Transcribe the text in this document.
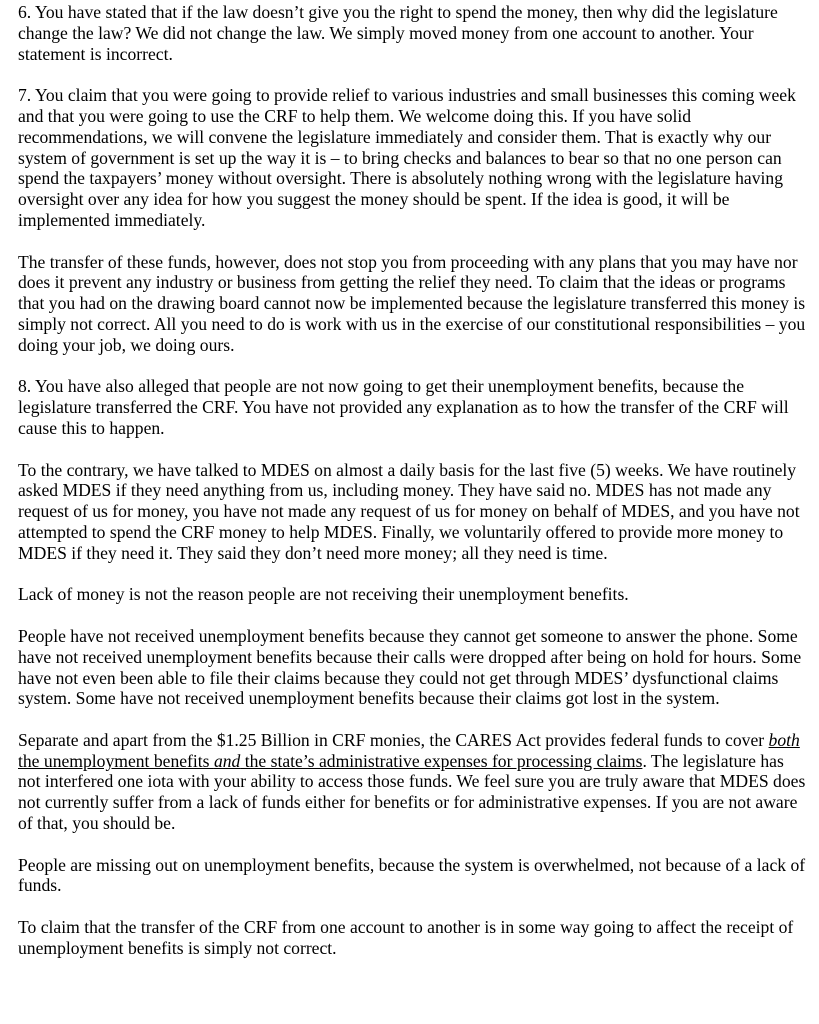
6. You have stated that if the law doesn’t give you the right to spend the money, then why did the legislature change the law? We did not change the law. We simply moved money from one account to another. Your statement is incorrect.

7. You claim that you were going to provide relief to various industries and small businesses this coming week and that you were going to use the CRF to help them. We welcome doing this. If you have solid recommendations, we will convene the legislature immediately and consider them. That is exactly why our system of government is set up the way it is – to bring checks and balances to bear so that no one person can spend the taxpayers’ money without oversight. There is absolutely nothing wrong with the legislature having oversight over any idea for how you suggest the money should be spent. If the idea is good, it will be implemented immediately.

The transfer of these funds, however, does not stop you from proceeding with any plans that you may have nor does it prevent any industry or business from getting the relief they need. To claim that the ideas or programs that you had on the drawing board cannot now be implemented because the legislature transferred this money is simply not correct. All you need to do is work with us in the exercise of our constitutional responsibilities – you doing your job, we doing ours.

8. You have also alleged that people are not now going to get their unemployment benefits, because the legislature transferred the CRF. You have not provided any explanation as to how the transfer of the CRF will cause this to happen.

To the contrary, we have talked to MDES on almost a daily basis for the last five (5) weeks. We have routinely asked MDES if they need anything from us, including money. They have said no. MDES has not made any request of us for money, you have not made any request of us for money on behalf of MDES, and you have not attempted to spend the CRF money to help MDES. Finally, we voluntarily offered to provide more money to MDES if they need it. They said they don’t need more money; all they need is time.

Lack of money is not the reason people are not receiving their unemployment benefits.

People have not received unemployment benefits because they cannot get someone to answer the phone. Some have not received unemployment benefits because their calls were dropped after being on hold for hours. Some have not even been able to file their claims because they could not get through MDES’ dysfunctional claims system. Some have not received unemployment benefits because their claims got lost in the system.

Separate and apart from the $1.25 Billion in CRF monies, the CARES Act provides federal funds to cover both the unemployment benefits and the state’s administrative expenses for processing claims. The legislature has not interfered one iota with your ability to access those funds. We feel sure you are truly aware that MDES does not currently suffer from a lack of funds either for benefits or for administrative expenses. If you are not aware of that, you should be.

People are missing out on unemployment benefits, because the system is overwhelmed, not because of a lack of funds.

To claim that the transfer of the CRF from one account to another is in some way going to affect the receipt of unemployment benefits is simply not correct.
